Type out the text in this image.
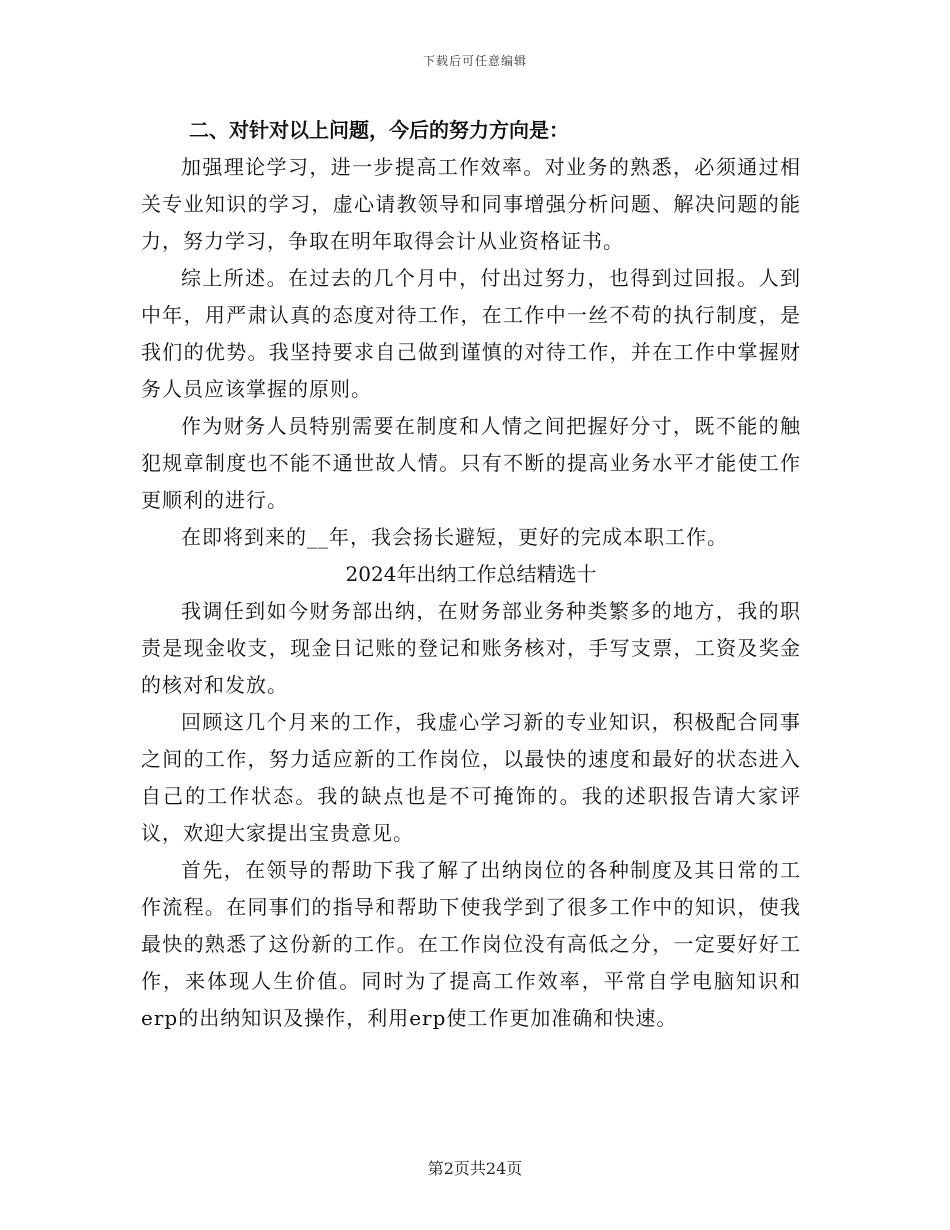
下载后可任意编辑

二、对针对以上问题，今后的努力方向是：

加强理论学习，进一步提高工作效率。对业务的熟悉，必须通过相关专业知识的学习，虚心请教领导和同事增强分析问题、解决问题的能力，努力学习，争取在明年取得会计从业资格证书。

综上所述。在过去的几个月中，付出过努力，也得到过回报。人到中年，用严肃认真的态度对待工作，在工作中一丝不苟的执行制度，是我们的优势。我坚持要求自己做到谨慎的对待工作，并在工作中掌握财务人员应该掌握的原则。

作为财务人员特别需要在制度和人情之间把握好分寸，既不能的触犯规章制度也不能不通世故人情。只有不断的提高业务水平才能使工作更顺利的进行。

在即将到来的__年，我会扬长避短，更好的完成本职工作。

2024年出纳工作总结精选十

我调任到如今财务部出纳，在财务部业务种类繁多的地方，我的职责是现金收支，现金日记账的登记和账务核对，手写支票，工资及奖金的核对和发放。

回顾这几个月来的工作，我虚心学习新的专业知识，积极配合同事之间的工作，努力适应新的工作岗位，以最快的速度和最好的状态进入自己的工作状态。我的缺点也是不可掩饰的。我的述职报告请大家评议，欢迎大家提出宝贵意见。

首先，在领导的帮助下我了解了出纳岗位的各种制度及其日常的工作流程。在同事们的指导和帮助下使我学到了很多工作中的知识，使我最快的熟悉了这份新的工作。在工作岗位没有高低之分，一定要好好工作，来体现人生价值。同时为了提高工作效率，平常自学电脑知识和erp的出纳知识及操作，利用erp使工作更加准确和快速。

第2页共24页
